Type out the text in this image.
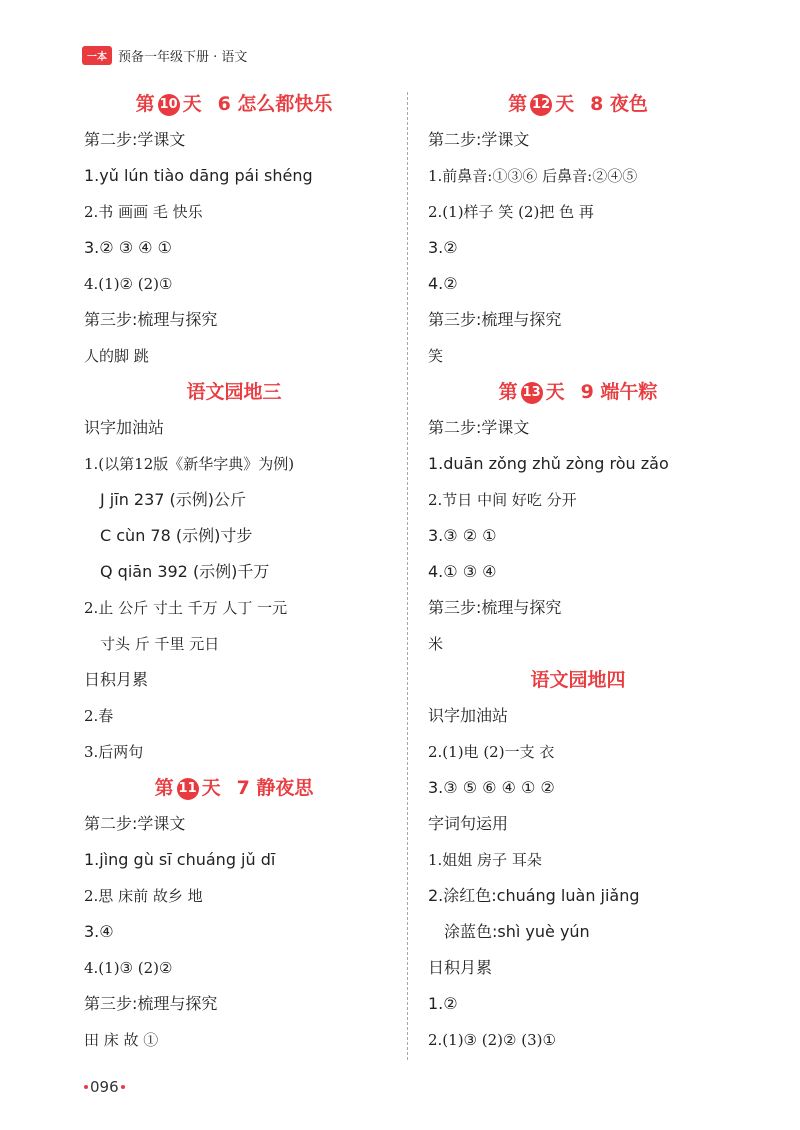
一本 预备一年级下册 · 语文
第 10 天 6 怎么都快乐
第二步:学课文
1.yǔ lún tiào dāng pái shéng
2.书 画画 毛 快乐
3.② ③ ④ ①
4.(1)② (2)①
第三步:梳理与探究
人的脚 跳
语文园地三
识字加油站
1.(以第12版《新华字典》为例)
J jīn 237 (示例)公斤
C cùn 78 (示例)寸步
Q qiān 392 (示例)千万
2.止 公斤 寸土 千万 人丁 一元
寸头 斤 千里 元日
日积月累
2.春
3.后两句
第 11 天 7 静夜思
第二步:学课文
1.jìng gù sī chuáng jǔ dī
2.思 床前 故乡 地
3.④
4.(1)③ (2)②
第三步:梳理与探究
田 床 故 ①
第 12 天 8 夜色
第二步:学课文
1.前鼻音:①③⑥ 后鼻音:②④⑤
2.(1)样子 笑 (2)把 色 再
3.②
4.②
第三步:梳理与探究
笑
第 13 天 9 端午粽
第二步:学课文
1.duān zǒng zhǔ zòng ròu zǎo
2.节日 中间 好吃 分开
3.③ ② ①
4.① ③ ④
第三步:梳理与探究
米
语文园地四
识字加油站
2.(1)电 (2)一支 衣
3.③ ⑤ ⑥ ④ ① ②
字词句运用
1.姐姐 房子 耳朵
2.涂红色:chuáng luàn jiǎng
涂蓝色:shì yuè yún
日积月累
1.②
2.(1)③ (2)② (3)①
096
